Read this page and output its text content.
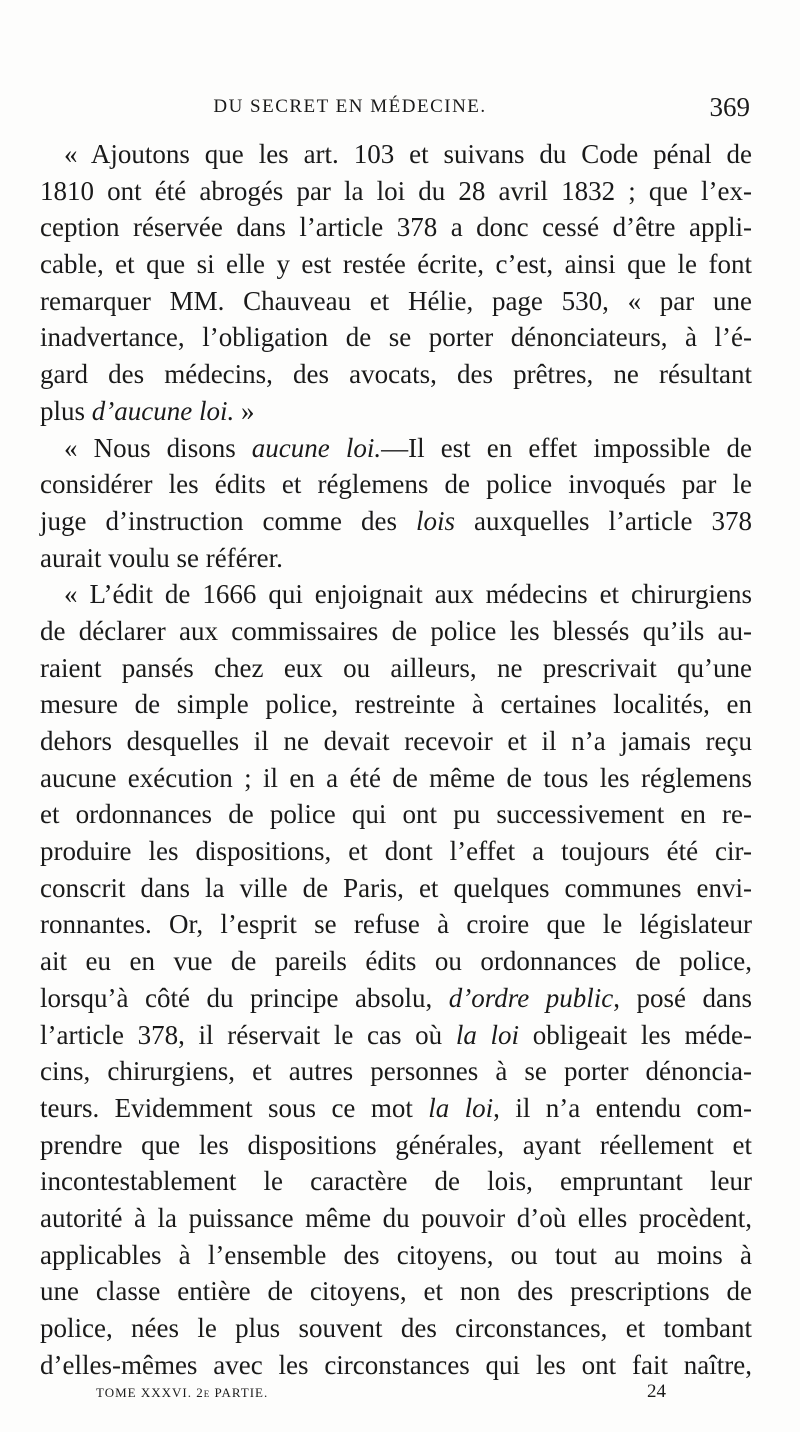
DU SECRET EN MÉDECINE.	369
« Ajoutons que les art. 103 et suivans du Code pénal de
1810 ont été abrogés par la loi du 28 avril 1832 ; que l’ex-
ception réservée dans l’article 378 a donc cessé d’être appli-
cable, et que si elle y est restée écrite, c’est, ainsi que le font
remarquer MM. Chauveau et Hélie, page 530, « par une
inadvertance, l’obligation de se porter dénonciateurs, à l’é-
gard des médecins, des avocats, des prêtres, ne résultant
plus d’aucune loi. »
« Nous disons aucune loi.—Il est en effet impossible de
considérer les édits et réglemens de police invoqués par le
juge d’instruction comme des lois auxquelles l’article 378
aurait voulu se référer.
« L’édit de 1666 qui enjoignait aux médecins et chirurgiens
de déclarer aux commissaires de police les blessés qu’ils au-
raient pansés chez eux ou ailleurs, ne prescrivait qu’une
mesure de simple police, restreinte à certaines localités, en
dehors desquelles il ne devait recevoir et il n’a jamais reçu
aucune exécution ; il en a été de même de tous les réglemens
et ordonnances de police qui ont pu successivement en re-
produire les dispositions, et dont l’effet a toujours été cir-
conscrit dans la ville de Paris, et quelques communes envi-
ronnantes. Or, l’esprit se refuse à croire que le législateur
ait eu en vue de pareils édits ou ordonnances de police,
lorsqu’à côté du principe absolu, d’ordre public, posé dans
l’article 378, il réservait le cas où la loi obligeait les méde-
cins, chirurgiens, et autres personnes à se porter dénoncia-
teurs. Evidemment sous ce mot la loi, il n’a entendu com-
prendre que les dispositions générales, ayant réellement et
incontestablement le caractère de lois, empruntant leur
autorité à la puissance même du pouvoir d’où elles procèdent,
applicables à l’ensemble des citoyens, ou tout au moins à
une classe entière de citoyens, et non des prescriptions de
police, nées le plus souvent des circonstances, et tombant
d’elles-mêmes avec les circonstances qui les ont fait naître,
TOME XXXVI. 2e PARTIE.	24
